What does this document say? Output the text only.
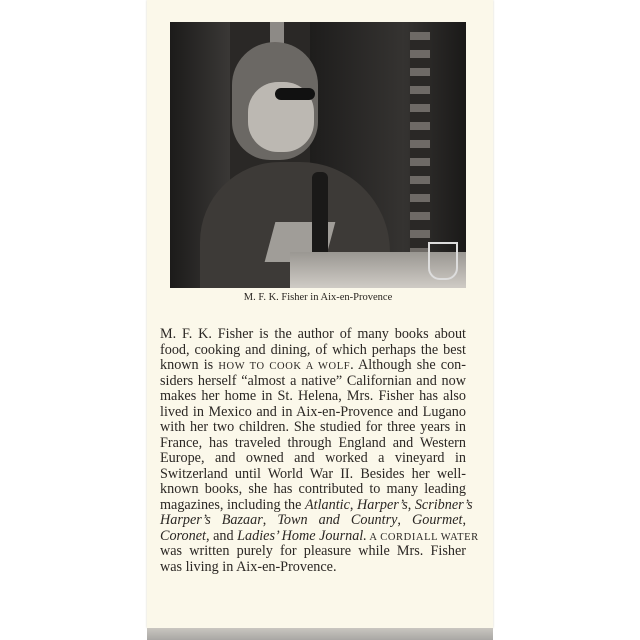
M. F. K. Fisher in Aix-en-Provence
M. F. K. Fisher is the author of many books about
food, cooking and dining, of which perhaps the best
known is HOW TO COOK A WOLF. Although she con-
siders herself “almost a native” Californian and now
makes her home in St. Helena, Mrs. Fisher has also
lived in Mexico and in Aix-en-Provence and Lugano
with her two children. She studied for three years in
France, has traveled through England and Western
Europe, and owned and worked a vineyard in
Switzerland until World War II. Besides her well-
known books, she has contributed to many leading
magazines, including the Atlantic, Harper’s, Scribner’s
Harper’s Bazaar, Town and Country, Gourmet,
Coronet, and Ladies’ Home Journal. A CORDIALL WATER
was written purely for pleasure while Mrs. Fisher
was living in Aix-en-Provence.
